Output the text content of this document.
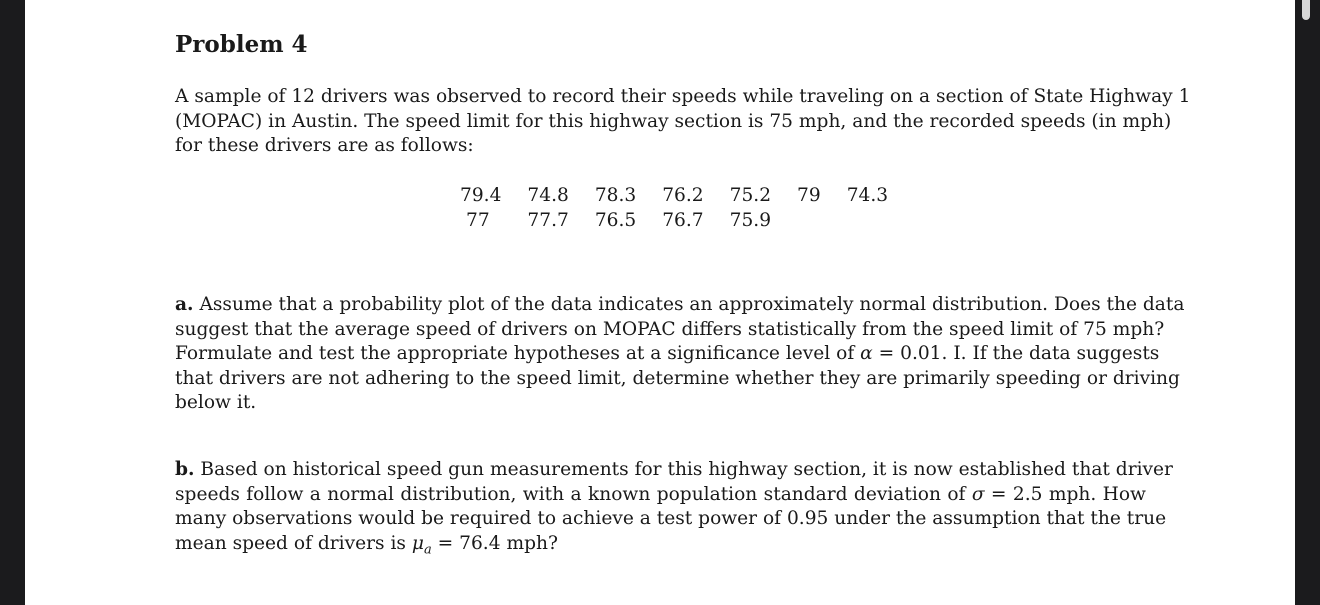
Problem 4
A sample of 12 drivers was observed to record their speeds while traveling on a section of State Highway 1
(MOPAC) in Austin. The speed limit for this highway section is 75 mph, and the recorded speeds (in mph)
for these drivers are as follows:
79.4	74.8	78.3	76.2	75.2	79	74.3
77	77.7	76.5	76.7	75.9		
a. Assume that a probability plot of the data indicates an approximately normal distribution. Does the data
suggest that the average speed of drivers on MOPAC differs statistically from the speed limit of 75 mph?
Formulate and test the appropriate hypotheses at a significance level of α = 0.01. I. If the data suggests
that drivers are not adhering to the speed limit, determine whether they are primarily speeding or driving
below it.
b. Based on historical speed gun measurements for this highway section, it is now established that driver
speeds follow a normal distribution, with a known population standard deviation of σ = 2.5 mph. How
many observations would be required to achieve a test power of 0.95 under the assumption that the true
mean speed of drivers is $\mu_a = 76.4$ mph?
